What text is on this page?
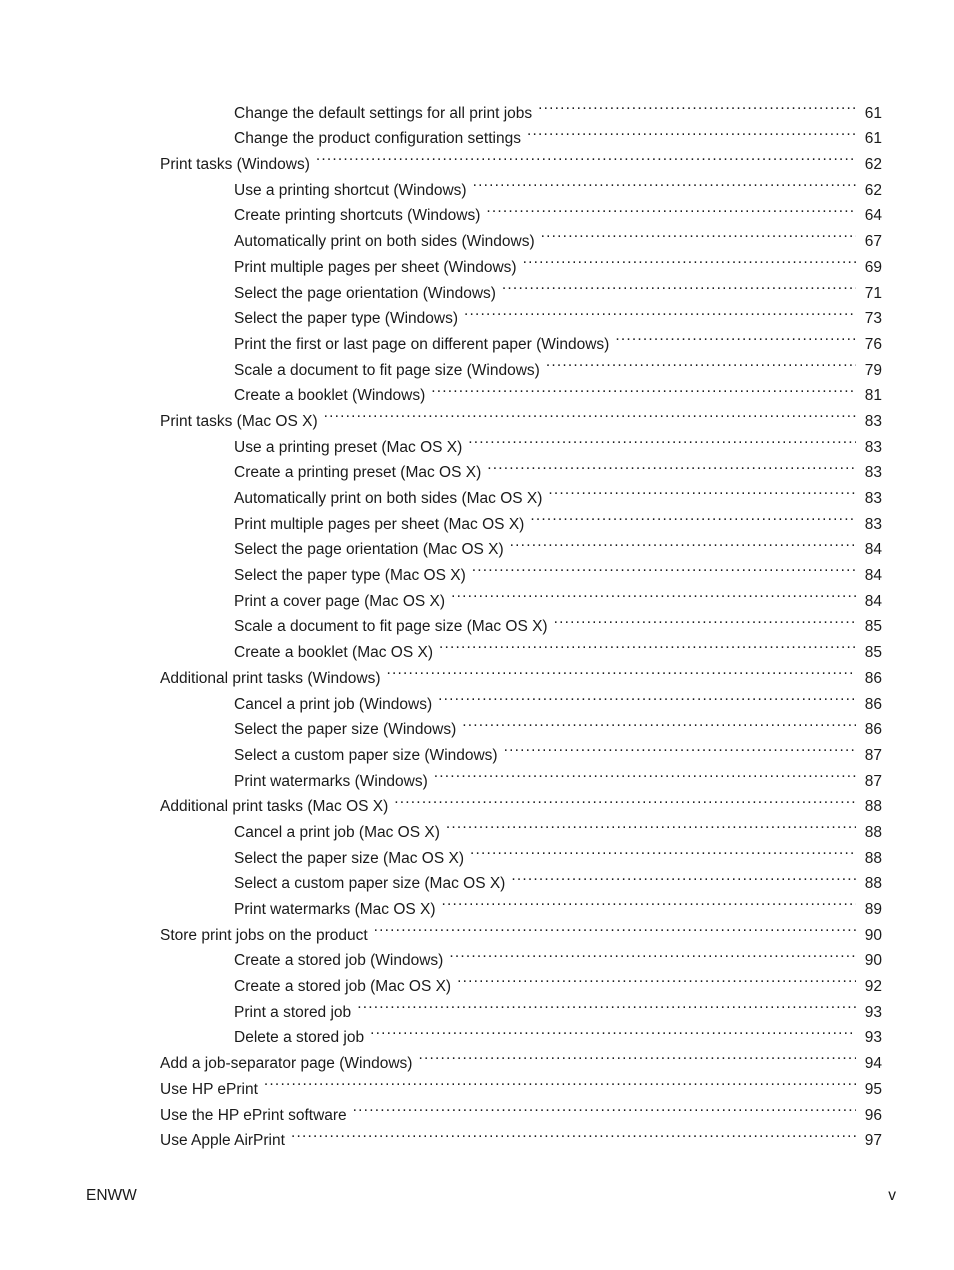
Change the default settings for all print jobs .....	61
Change the product configuration settings .....	61
Print tasks (Windows) .....	62
Use a printing shortcut (Windows) .....	62
Create printing shortcuts (Windows) .....	64
Automatically print on both sides (Windows) .....	67
Print multiple pages per sheet (Windows) .....	69
Select the page orientation (Windows) .....	71
Select the paper type (Windows) .....	73
Print the first or last page on different paper (Windows) .....	76
Scale a document to fit page size (Windows) .....	79
Create a booklet (Windows) .....	81
Print tasks (Mac OS X) .....	83
Use a printing preset (Mac OS X) .....	83
Create a printing preset (Mac OS X) .....	83
Automatically print on both sides (Mac OS X) .....	83
Print multiple pages per sheet (Mac OS X) .....	83
Select the page orientation (Mac OS X) .....	84
Select the paper type (Mac OS X) .....	84
Print a cover page (Mac OS X) .....	84
Scale a document to fit page size (Mac OS X) .....	85
Create a booklet (Mac OS X) .....	85
Additional print tasks (Windows) .....	86
Cancel a print job (Windows) .....	86
Select the paper size (Windows) .....	86
Select a custom paper size (Windows) .....	87
Print watermarks (Windows) .....	87
Additional print tasks (Mac OS X) .....	88
Cancel a print job (Mac OS X) .....	88
Select the paper size (Mac OS X) .....	88
Select a custom paper size (Mac OS X) .....	88
Print watermarks (Mac OS X) .....	89
Store print jobs on the product .....	90
Create a stored job (Windows) .....	90
Create a stored job (Mac OS X) .....	92
Print a stored job .....	93
Delete a stored job .....	93
Add a job-separator page (Windows) .....	94
Use HP ePrint .....	95
Use the HP ePrint software .....	96
Use Apple AirPrint .....	97
ENWW	v
